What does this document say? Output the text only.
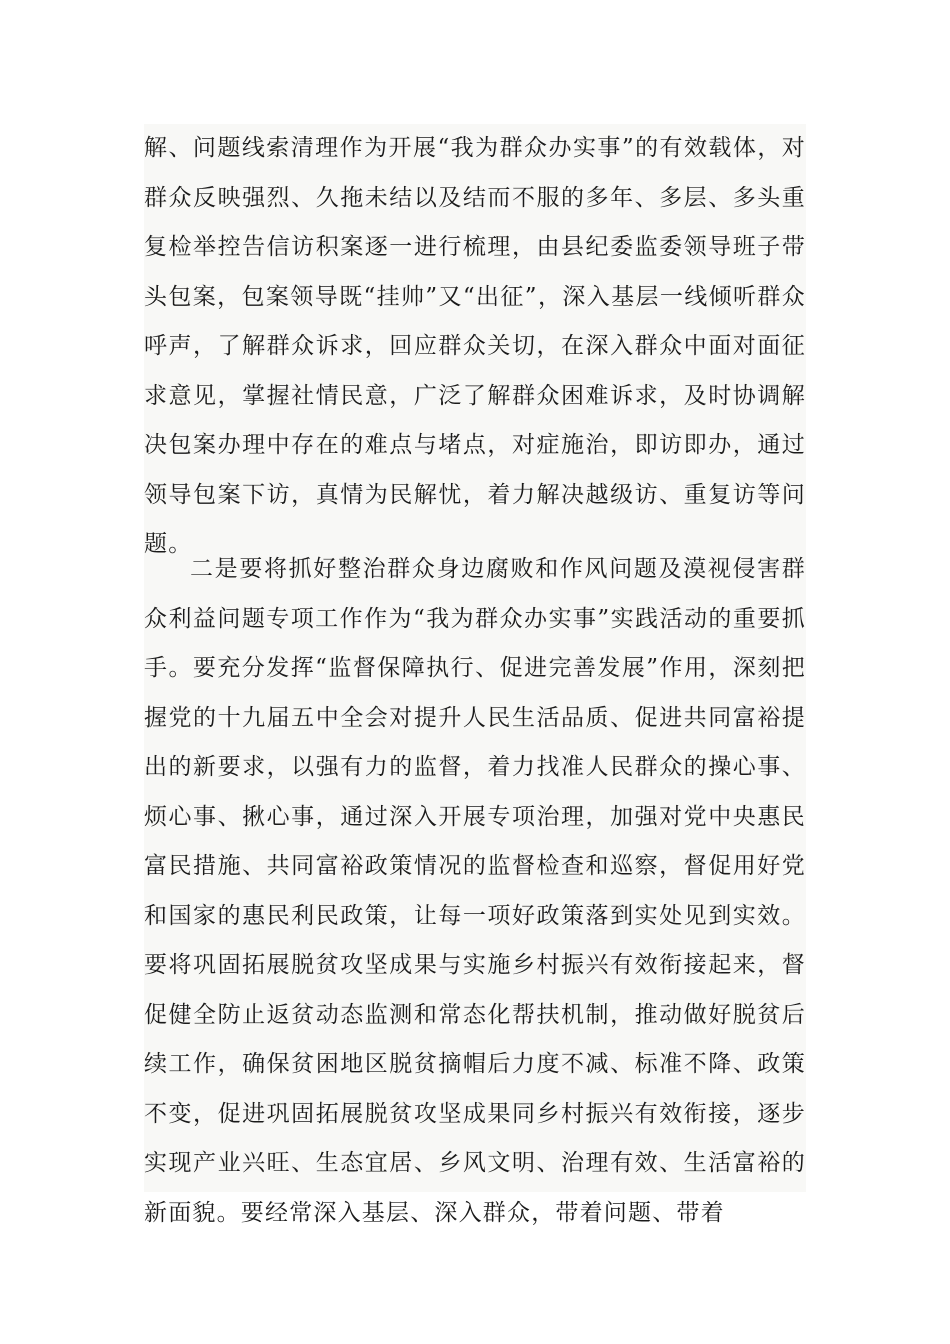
解、问题线索清理作为开展“我为群众办实事”的有效载体，对群众反映强烈、久拖未结以及结而不服的多年、多层、多头重复检举控告信访积案逐一进行梳理，由县纪委监委领导班子带头包案，包案领导既“挂帅”又“出征”，深入基层一线倾听群众呼声，了解群众诉求，回应群众关切，在深入群众中面对面征求意见，掌握社情民意，广泛了解群众困难诉求，及时协调解决包案办理中存在的难点与堵点，对症施治，即访即办，通过领导包案下访，真情为民解忧，着力解决越级访、重复访等问题。

二是要将抓好整治群众身边腐败和作风问题及漠视侵害群众利益问题专项工作作为“我为群众办实事”实践活动的重要抓手。要充分发挥“监督保障执行、促进完善发展”作用，深刻把握党的十九届五中全会对提升人民生活品质、促进共同富裕提出的新要求，以强有力的监督，着力找准人民群众的操心事、烦心事、揪心事，通过深入开展专项治理，加强对党中央惠民富民措施、共同富裕政策情况的监督检查和巡察，督促用好党和国家的惠民利民政策，让每一项好政策落到实处见到实效。要将巩固拓展脱贫攻坚成果与实施乡村振兴有效衔接起来，督促健全防止返贫动态监测和常态化帮扶机制，推动做好脱贫后续工作，确保贫困地区脱贫摘帽后力度不减、标准不降、政策不变，促进巩固拓展脱贫攻坚成果同乡村振兴有效衔接，逐步实现产业兴旺、生态宜居、乡风文明、治理有效、生活富裕的新面貌。要经常深入基层、深入群众，带着问题、带着
